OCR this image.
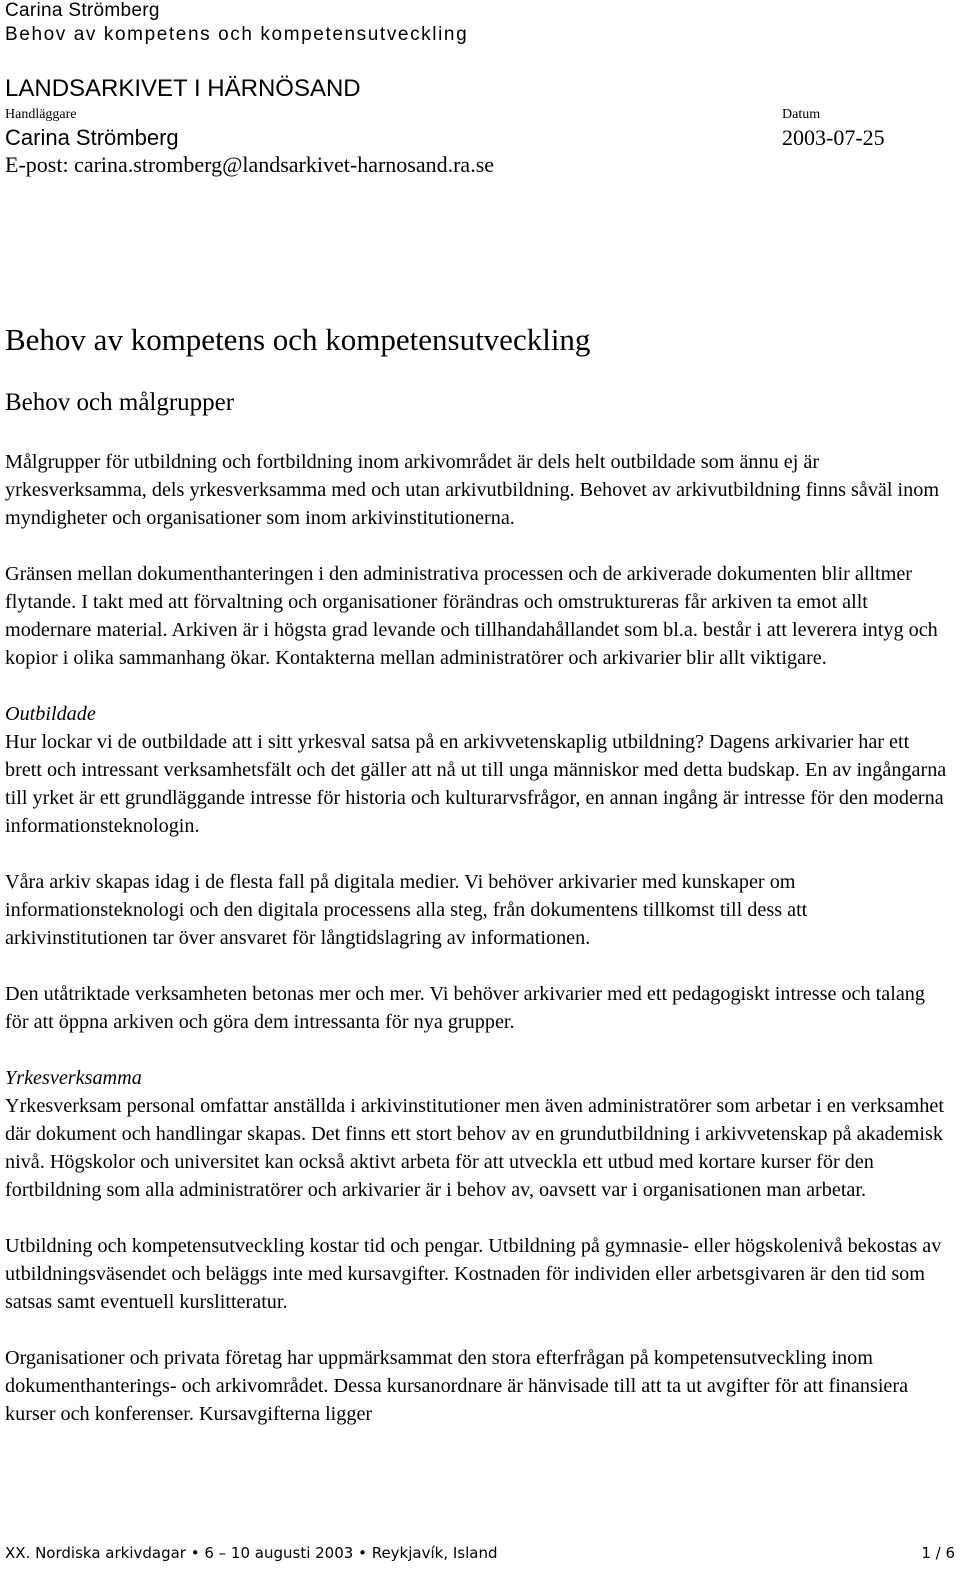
Carina Strömberg
Behov av kompetens och kompetensutveckling
LANDSARKIVET I HÄRNÖSAND
Handläggare	Datum
Carina Strömberg	2003-07-25
E-post: carina.stromberg@landsarkivet-harnosand.ra.se
Behov av kompetens och kompetensutveckling
Behov och målgrupper

Målgrupper för utbildning och fortbildning inom arkivområdet är dels helt outbildade som ännu ej är yrkesverksamma, dels yrkesverksamma med och utan arkivutbildning. Behovet av arkivutbildning finns såväl inom myndigheter och organisationer som inom arkivinstitutionerna.

Gränsen mellan dokumenthanteringen i den administrativa processen och de arkiverade dokumenten blir alltmer flytande. I takt med att förvaltning och organisationer förändras och omstruktureras får arkiven ta emot allt modernare material. Arkiven är i högsta grad levande och tillhandahållandet som bl.a. består i att leverera intyg och kopior i olika sammanhang ökar. Kontakterna mellan administratörer och arkivarier blir allt viktigare.

Outbildade

Hur lockar vi de outbildade att i sitt yrkesval satsa på en arkivvetenskaplig utbildning? Dagens arkivarier har ett brett och intressant verksamhetsfält och det gäller att nå ut till unga människor med detta budskap. En av ingångarna till yrket är ett grundläggande intresse för historia och kulturarvsfrågor, en annan ingång är intresse för den moderna informationsteknologin.

Våra arkiv skapas idag i de flesta fall på digitala medier. Vi behöver arkivarier med kunskaper om informationsteknologi och den digitala processens alla steg, från dokumentens tillkomst till dess att arkivinstitutionen tar över ansvaret för långtidslagring av informationen.

Den utåtriktade verksamheten betonas mer och mer. Vi behöver arkivarier med ett pedagogiskt intresse och talang för att öppna arkiven och göra dem intressanta för nya grupper.

Yrkesverksamma

Yrkesverksam personal omfattar anställda i arkivinstitutioner men även administratörer som arbetar i en verksamhet där dokument och handlingar skapas. Det finns ett stort behov av en grundutbildning i arkivvetenskap på akademisk nivå. Högskolor och universitet kan också aktivt arbeta för att utveckla ett utbud med kortare kurser för den fortbildning som alla administratörer och arkivarier är i behov av, oavsett var i organisationen man arbetar.

Utbildning och kompetensutveckling kostar tid och pengar. Utbildning på gymnasie- eller högskolenivå bekostas av utbildningsväsendet och beläggs inte med kursavgifter. Kostnaden för individen eller arbetsgivaren är den tid som satsas samt eventuell kurslitteratur.

Organisationer och privata företag har uppmärksammat den stora efterfrågan på kompetensutveckling inom dokumenthanterings- och arkivområdet. Dessa kursanordnare är hänvisade till att ta ut avgifter för att finansiera kurser och konferenser. Kursavgifterna ligger

XX. Nordiska arkivdagar • 6 – 10 augusti 2003 • Reykjavík, Island	1 / 6
